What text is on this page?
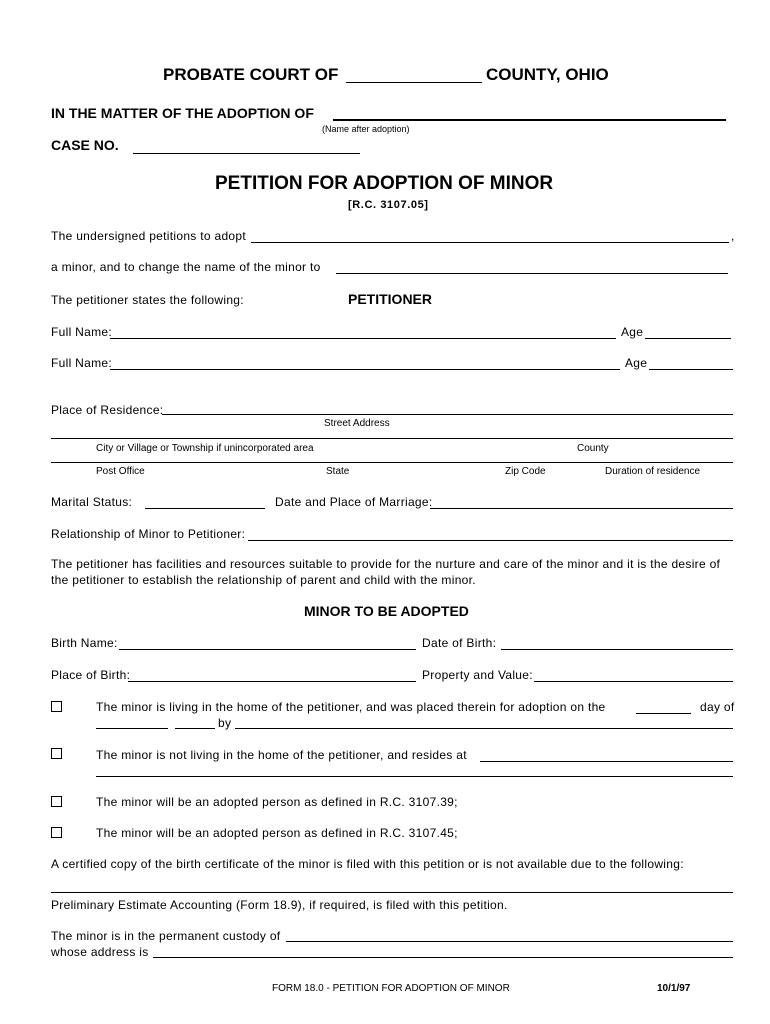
PROBATE COURT OF	COUNTY, OHIO
IN THE MATTER OF THE ADOPTION OF
(Name after adoption)
CASE NO.
PETITION FOR ADOPTION OF MINOR
[R.C. 3107.05]
The undersigned petitions to adopt	,
a minor, and to change the name of the minor to
The petitioner states the following:	PETITIONER
Full Name:	Age
Full Name:	Age
Place of Residence:
Street Address
City or Village or Township if unincorporated area	County
Post Office	State	Zip Code	Duration of residence
Marital Status:	Date and Place of Marriage:
Relationship of Minor to Petitioner:
The petitioner has facilities and resources suitable to provide for the nurture and care of the minor and it is the desire of the petitioner to establish the relationship of parent and child with the minor.
MINOR TO BE ADOPTED
Birth Name:	Date of Birth:
Place of Birth:	Property and Value:
The minor is living in the home of the petitioner, and was placed therein for adoption on the	day of
by
The minor is not living in the home of the petitioner, and resides at
The minor will be an adopted person as defined in R.C. 3107.39;
The minor will be an adopted person as defined in R.C. 3107.45;
A certified copy of the birth certificate of the minor is filed with this petition or is not available due to the following:
Preliminary Estimate Accounting (Form 18.9), if required, is filed with this petition.
The minor is in the permanent custody of
whose address is
FORM 18.0 - PETITION FOR ADOPTION OF MINOR	10/1/97
